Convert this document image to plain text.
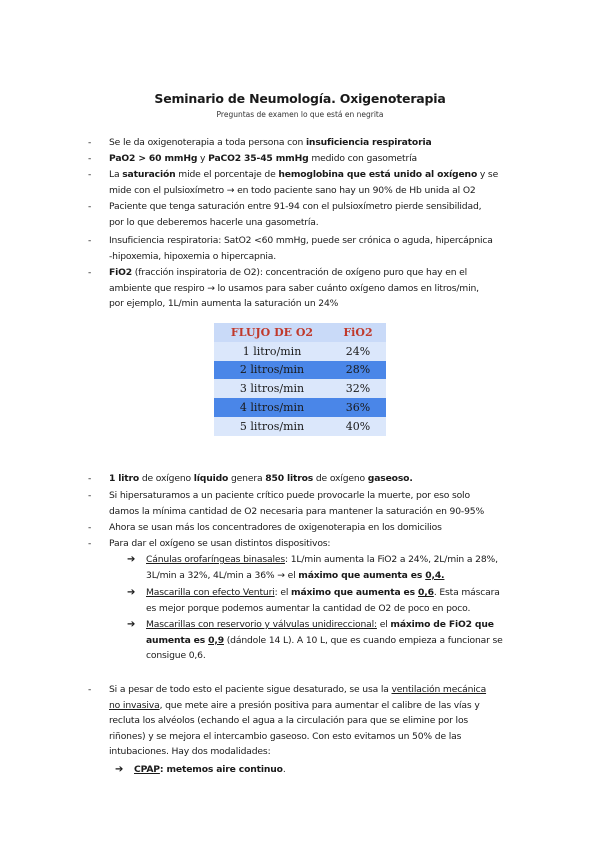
Seminario de Neumología. Oxigenoterapia
Preguntas de examen lo que está en negrita
- Se le da oxigenoterapia a toda persona con insuficiencia respiratoria
- PaO2 > 60 mmHg y PaCO2 35-45 mmHg medido con gasometría
- La saturación mide el porcentaje de hemoglobina que está unido al oxígeno y se
mide con el pulsioxímetro → en todo paciente sano hay un 90% de Hb unida al O2
- Paciente que tenga saturación entre 91-94 con el pulsioxímetro pierde sensibilidad,
por lo que deberemos hacerle una gasometría.
- Insuficiencia respiratoria: SatO2 <60 mmHg, puede ser crónica o aguda, hipercápnica
-hipoxemia, hipoxemia o hipercapnia.
- FiO2 (fracción inspiratoria de O2): concentración de oxígeno puro que hay en el
ambiente que respiro → lo usamos para saber cuánto oxígeno damos en litros/min,
por ejemplo, 1L/min aumenta la saturación un 24%
FLUJO DE O2	FiO2
1 litro/min	24%
2 litros/min	28%
3 litros/min	32%
4 litros/min	36%
5 litros/min	40%
- 1 litro de oxígeno líquido genera 850 litros de oxígeno gaseoso.
- Si hipersaturamos a un paciente crítico puede provocarle la muerte, por eso solo
damos la mínima cantidad de O2 necesaria para mantener la saturación en 90-95%
- Ahora se usan más los concentradores de oxigenoterapia en los domicilios
- Para dar el oxígeno se usan distintos dispositivos:
➔ Cánulas orofaríngeas binasales: 1L/min aumenta la FiO2 a 24%, 2L/min a 28%,
3L/min a 32%, 4L/min a 36% → el máximo que aumenta es 0,4.
➔ Mascarilla con efecto Venturi: el máximo que aumenta es 0,6. Esta máscara
es mejor porque podemos aumentar la cantidad de O2 de poco en poco.
➔ Mascarillas con reservorio y válvulas unidireccional: el máximo de FiO2 que
aumenta es 0,9 (dándole 14 L). A 10 L, que es cuando empieza a funcionar se
consigue 0,6.
- Si a pesar de todo esto el paciente sigue desaturado, se usa la ventilación mecánica
no invasiva, que mete aire a presión positiva para aumentar el calibre de las vías y
recluta los alvéolos (echando el agua a la circulación para que se elimine por los
riñones) y se mejora el intercambio gaseoso. Con esto evitamos un 50% de las
intubaciones. Hay dos modalidades:
➔ CPAP: metemos aire continuo.
